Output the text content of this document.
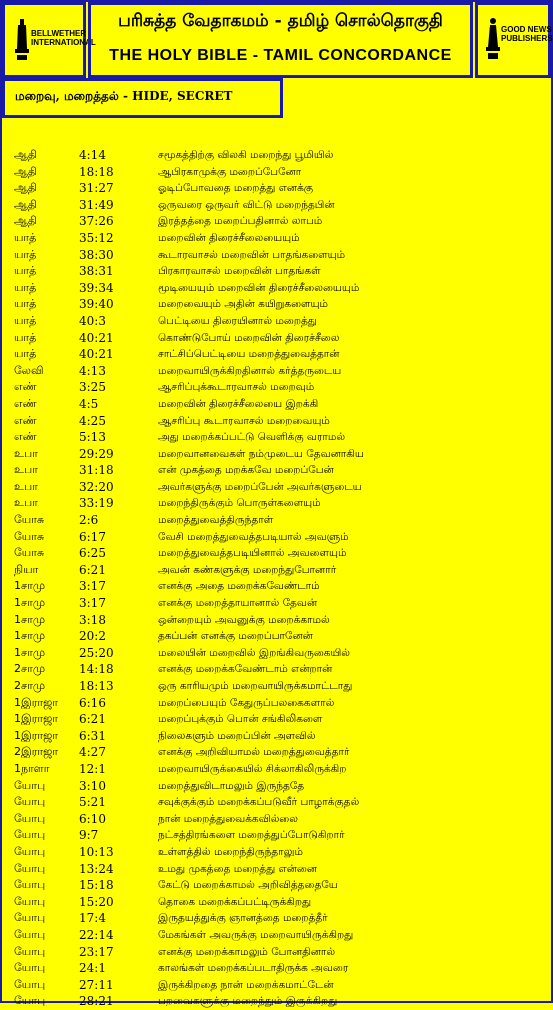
BELLWETHER
INTERNATIONAL
பரிசுத்த வேதாகமம் - தமிழ் சொல்தொகுதி
THE HOLY BIBLE - TAMIL CONCORDANCE
GOOD NEWS
PUBLISHERS
மறைவு, மறைத்தல் - HIDE, SECRET
ஆதி	4:14	சமூகத்திற்கு விலகி மறைந்து பூமியில்
ஆதி	18:18	ஆபிரகாமுக்கு மறைப்பேனோ
ஆதி	31:27	ஓடிப்போவதை மறைத்து எனக்கு
ஆதி	31:49	ஒருவரை ஒருவர் விட்டு மறைந்தபின்
ஆதி	37:26	இரத்தத்தை மறைப்பதினால் லாபம்
யாத்	35:12	மறைவின் திரைச்சீலையையும்
யாத்	38:30	கூடாரவாசல் மறைவின் பாதங்களையும்
யாத்	38:31	பிரகாரவாசல் மறைவின் பாதங்கள்
யாத்	39:34	மூடியையும் மறைவின் திரைச்சீலையையும்
யாத்	39:40	மறைவையும் அதின் கயிறுகளையும்
யாத்	40:3	பெட்டியை திரையினால் மறைத்து
யாத்	40:21	கொண்டுபோய் மறைவின் திரைச்சீலை
யாத்	40:21	சாட்சிப்பெட்டியை மறைத்துவைத்தான்
லேவி	4:13	மறைவாயிருக்கிறதினால் கர்த்தருடைய
எண்	3:25	ஆசரிப்புக்கூடாரவாசல் மறைவும்
எண்	4:5	மறைவின் திரைச்சீலையை இறக்கி
எண்	4:25	ஆசரிப்பு கூடாரவாசல் மறைவையும்
எண்	5:13	அது மறைக்கப்பட்டு வெளிக்கு வராமல்
உபா	29:29	மறைவானவைகள் நம்முடைய தேவனாகிய
உபா	31:18	என் முகத்தை மறக்கவே மறைப்பேன்
உபா	32:20	அவர்களுக்கு மறைப்பேன் அவர்களுடைய
உபா	33:19	மறைந்திருக்கும் பொருள்களையும்
யோசு	2:6	மறைத்துவைத்திருந்தாள்
யோசு	6:17	வேசி மறைத்துவைத்தபடியால் அவளும்
யோசு	6:25	மறைத்துவைத்தபடியினால் அவளையும்
நியா	6:21	அவன் கண்களுக்கு மறைந்துபோனார்
1சாமு	3:17	எனக்கு அதை மறைக்கவேண்டாம்
1சாமு	3:17	எனக்கு மறைத்தாயானால் தேவன்
1சாமு	3:18	ஒன்றையும் அவனுக்கு மறைக்காமல்
1சாமு	20:2	தகப்பன் எனக்கு மறைப்பானேன்
1சாமு	25:20	மலையின் மறைவில் இறங்கிவருகையில்
2சாமு	14:18	எனக்கு மறைக்கவேண்டாம் என்றான்
2சாமு	18:13	ஒரு காரியமும் மறைவாயிருக்கமாட்டாது
1இராஜா 6:16	மறைப்பையும் கேதுருப்பலகைகளால்
1இராஜா 6:21	மறைப்புக்கும் பொன் சங்கிலிகளை
1இராஜா 6:31	நிலைகளும் மறைப்பின் அளவில்
2இராஜா 4:27	எனக்கு அறிவியாமல் மறைத்துவைத்தார்
1நாளா 12:1	மறைவாயிருக்கையில் சிக்லாகிலிருக்கிற
யோபு	3:10	மறைத்துவிடாமலும் இருந்ததே
யோபு	5:21	சவுக்குக்கும் மறைக்கப்படுவீர் பாழாக்குதல்
யோபு	6:10	நான் மறைத்துவைக்கவில்லை
யோபு	9:7	நட்சத்திரங்களை மறைத்துப்போடுகிறார்
யோபு	10:13	உள்ளத்தில் மறைந்திருந்தாலும்
யோபு	13:24	உமது முகத்தை மறைத்து என்னை
யோபு	15:18	கேட்டு மறைக்காமல் அறிவித்ததையே
யோபு	15:20	தொகை மறைக்கப்பட்டிருக்கிறது
யோபு	17:4	இருதயத்துக்கு ஞானத்தை மறைத்தீர்
யோபு	22:14	மேகங்கள் அவருக்கு மறைவாயிருக்கிறது
யோபு	23:17	எனக்கு மறைக்காமலும் போனதினால்
யோபு	24:1	காலங்கள் மறைக்கப்படாதிருக்க அவரை
யோபு	27:11	இருக்கிறதை நான் மறைக்கமாட்டேன்
யோபு	28:21	பறவைகளுக்கு மறைந்தும் இருக்கிறது
